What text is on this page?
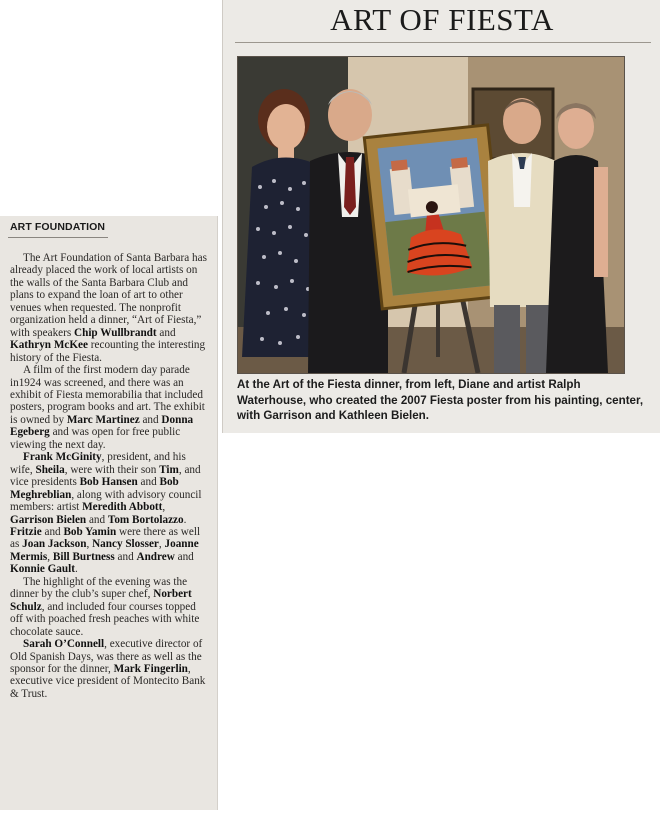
ART FOUNDATION

The Art Foundation of Santa Barbara has already placed the work of local artists on the walls of the Santa Barbara Club and plans to expand the loan of art to other venues when requested. The nonprofit organization held a dinner, “Art of Fiesta,” with speakers Chip Wullbrandt and Kathryn McKee recounting the interesting history of the Fiesta.

A film of the first modern day parade in1924 was screened, and there was an exhibit of Fiesta memorabilia that included posters, program books and art. The exhibit is owned by Marc Martinez and Donna Egeberg and was open for free public viewing the next day.

Frank McGinity, president, and his wife, Sheila, were with their son Tim, and vice presidents Bob Hansen and Bob Meghreblian, along with advisory council members: artist Meredith Abbott, Garrison Bielen and Tom Bortolazzo. Fritzie and Bob Yamin were there as well as Joan Jackson, Nancy Slosser, Joanne Mermis, Bill Burtness and Andrew and Konnie Gault.

The highlight of the evening was the dinner by the club’s super chef, Norbert Schulz, and included four courses topped off with poached fresh peaches with white chocolate sauce.

Sarah O’Connell, executive director of Old Spanish Days, was there as well as the sponsor for the dinner, Mark Fingerlin, executive vice president of Montecito Bank & Trust.

ART OF FIESTA
At the Art of the Fiesta dinner, from left, Diane and artist Ralph Waterhouse, who created the 2007 Fiesta poster from his painting, center, with Garrison and Kathleen Bielen.
